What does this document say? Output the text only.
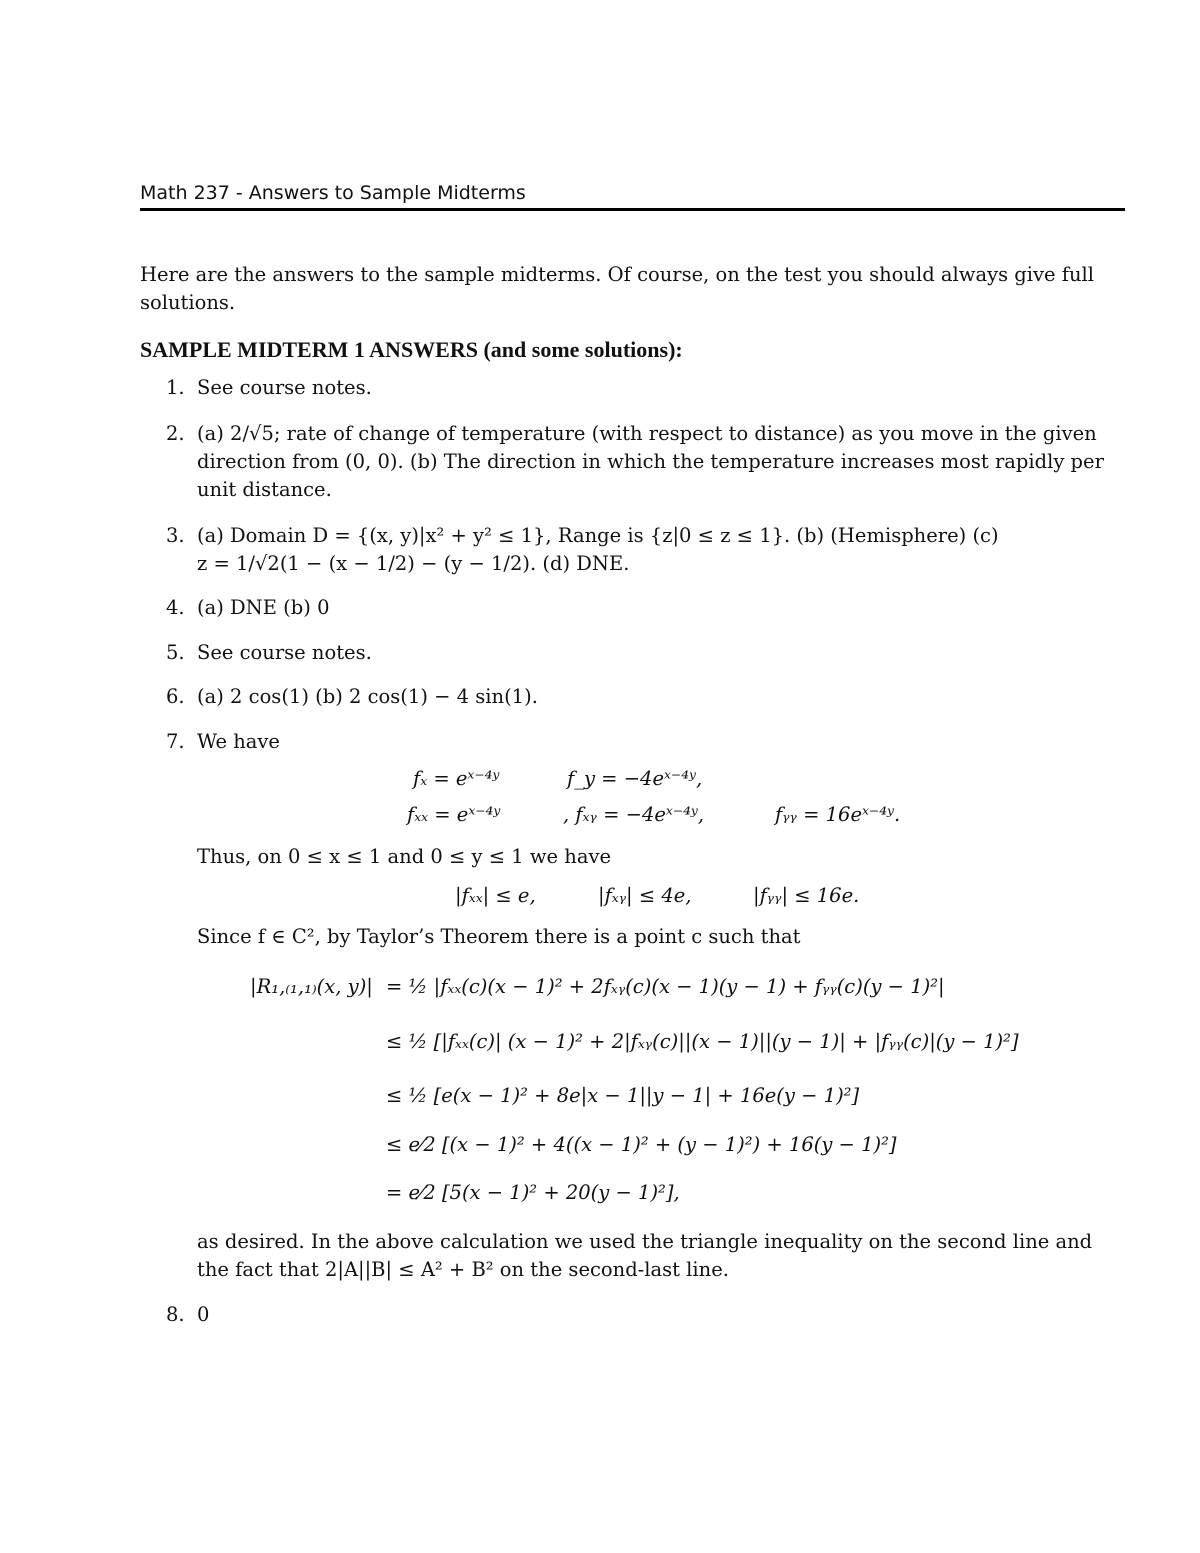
Math 237 - Answers to Sample Midterms
Here are the answers to the sample midterms. Of course, on the test you should always give full
solutions.
SAMPLE MIDTERM 1 ANSWERS (and some solutions):
1. See course notes.
2. (a) 2/√5; rate of change of temperature (with respect to distance) as you move in the given
direction from (0, 0). (b) The direction in which the temperature increases most rapidly per
unit distance.
3. (a) Domain D = {(x, y)|x² + y² ≤ 1}, Range is {z|0 ≤ z ≤ 1}. (b) (Hemisphere) (c)
z = 1/√2(1 − (x − 1/2) − (y − 1/2). (d) DNE.
4. (a) DNE (b) 0
5. See course notes.
6. (a) 2 cos(1) (b) 2 cos(1) − 4 sin(1).
7. We have
fₓ = eˣ⁻⁴ʸ	f_y = −4eˣ⁻⁴ʸ,
fₓₓ = eˣ⁻⁴ʸ	, fₓᵧ = −4eˣ⁻⁴ʸ,	fᵧᵧ = 16eˣ⁻⁴ʸ.
Thus, on 0 ≤ x ≤ 1 and 0 ≤ y ≤ 1 we have
|fₓₓ| ≤ e,	|fₓᵧ| ≤ 4e,	|fᵧᵧ| ≤ 16e.
Since f ∈ C², by Taylor’s Theorem there is a point c such that
|R₁,₍₁,₁₎(x, y)| = ½ |fₓₓ(c)(x − 1)² + 2fₓᵧ(c)(x − 1)(y − 1) + fᵧᵧ(c)(y − 1)²|
≤ ½ [|fₓₓ(c)| (x − 1)² + 2|fₓᵧ(c)||(x − 1)||(y − 1)| + |fᵧᵧ(c)|(y − 1)²]
≤ ½ [e(x − 1)² + 8e|x − 1||y − 1| + 16e(y − 1)²]
≤ e⁄2 [(x − 1)² + 4((x − 1)² + (y − 1)²) + 16(y − 1)²]
= e⁄2 [5(x − 1)² + 20(y − 1)²],
as desired. In the above calculation we used the triangle inequality on the second line and
the fact that 2|A||B| ≤ A² + B² on the second-last line.
8. 0
